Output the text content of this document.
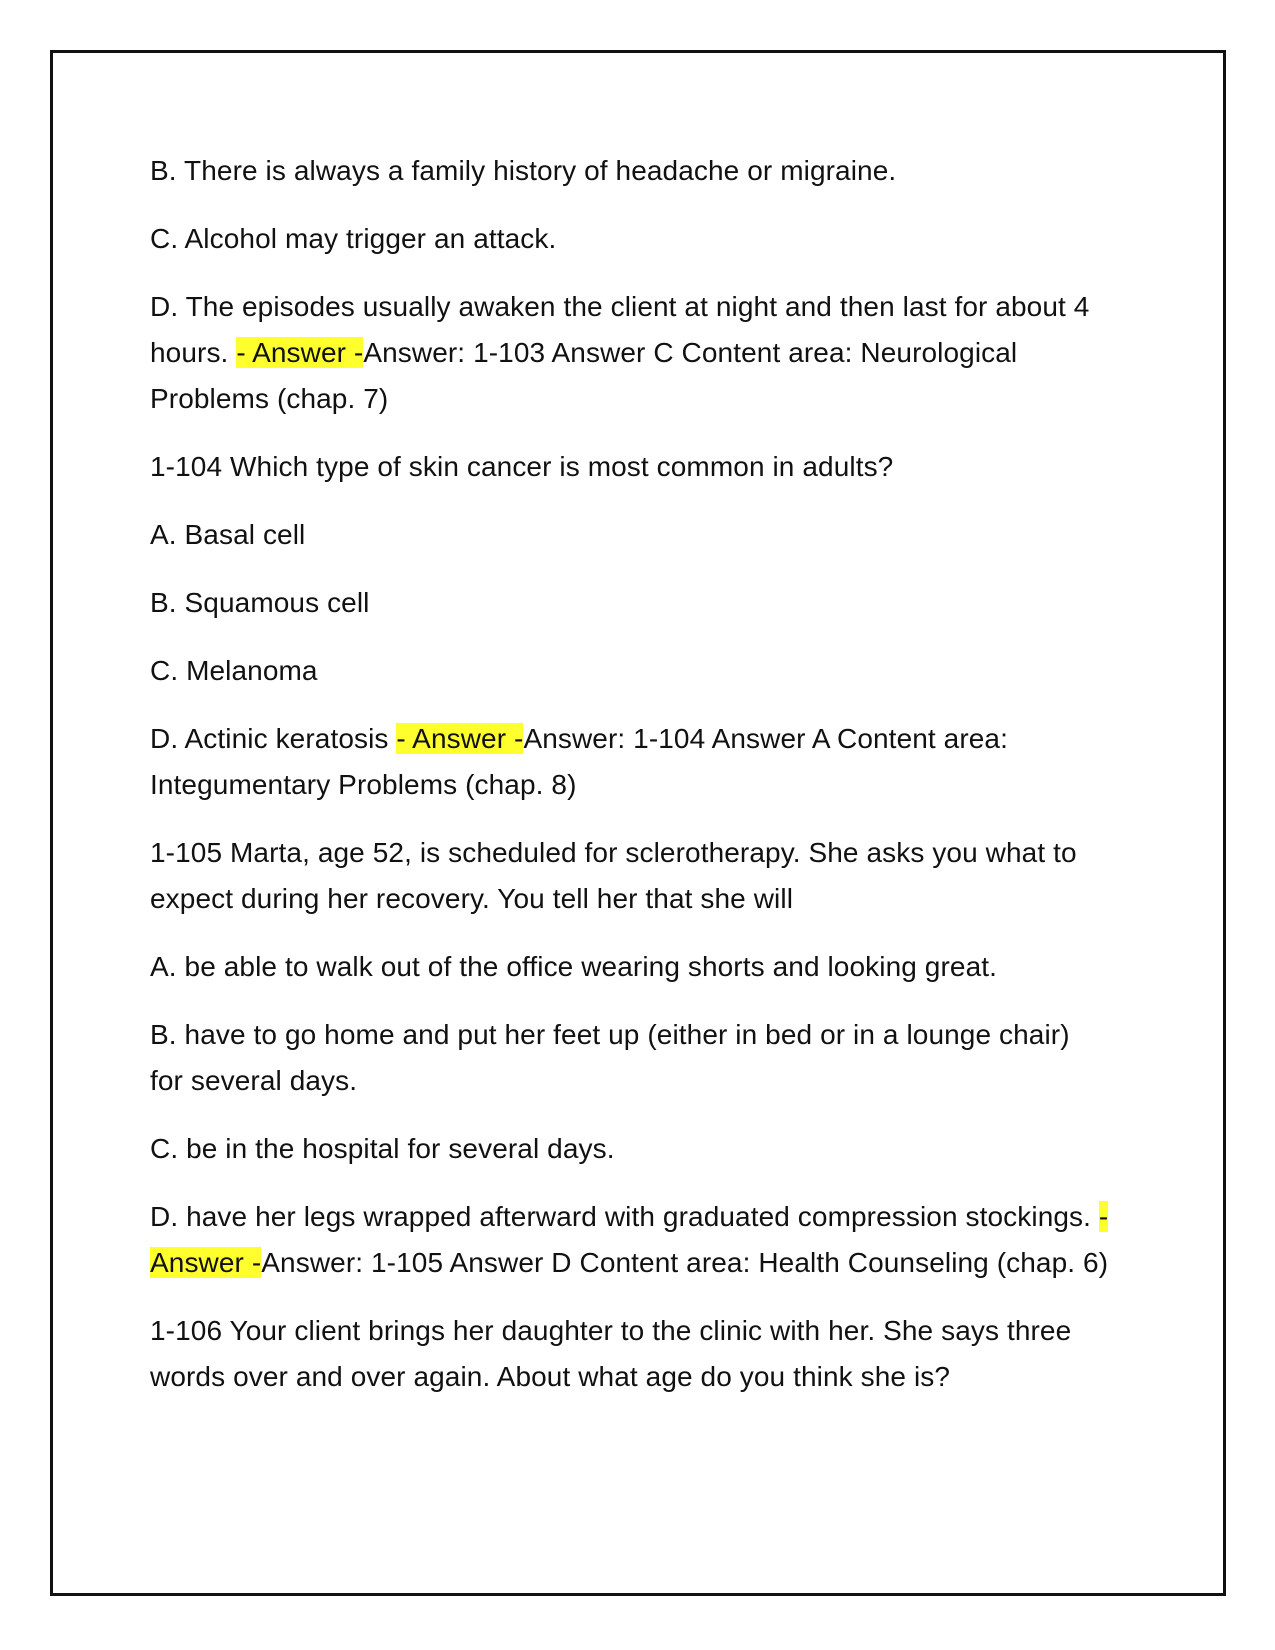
B. There is always a family history of headache or migraine.

C. Alcohol may trigger an attack.

D. The episodes usually awaken the client at night and then last for about 4 hours. - Answer -Answer: 1-103 Answer C Content area: Neurological Problems (chap. 7)

1-104 Which type of skin cancer is most common in adults?

A. Basal cell

B. Squamous cell

C. Melanoma

D. Actinic keratosis - Answer -Answer: 1-104 Answer A Content area: Integumentary Problems (chap. 8)

1-105 Marta, age 52, is scheduled for sclerotherapy. She asks you what to expect during her recovery. You tell her that she will

A. be able to walk out of the office wearing shorts and looking great.

B. have to go home and put her feet up (either in bed or in a lounge chair) for several days.

C. be in the hospital for several days.

D. have her legs wrapped afterward with graduated compression stockings. - Answer -Answer: 1-105 Answer D Content area: Health Counseling (chap. 6)

1-106 Your client brings her daughter to the clinic with her. She says three words over and over again. About what age do you think she is?
